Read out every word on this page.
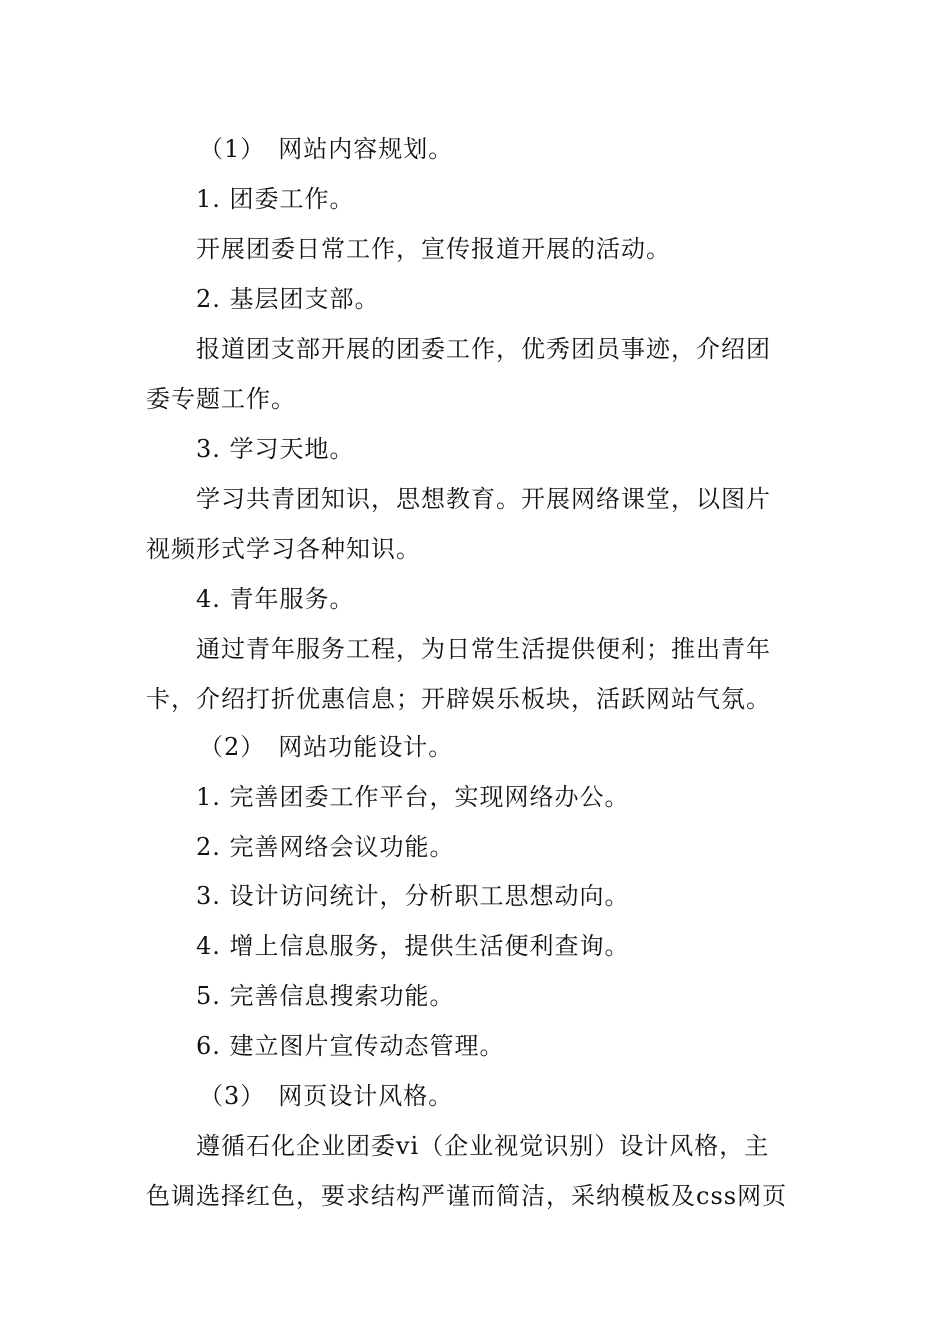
（1）　网站内容规划。
1. 团委工作。
开展团委日常工作，宣传报道开展的活动。
2. 基层团支部。
报道团支部开展的团委工作，优秀团员事迹，介绍团
委专题工作。
3. 学习天地。
学习共青团知识，思想教育。开展网络课堂，以图片
视频形式学习各种知识。
4. 青年服务。
通过青年服务工程，为日常生活提供便利；推出青年
卡，介绍打折优惠信息；开辟娱乐板块，活跃网站气氛。
（2）　网站功能设计。
1. 完善团委工作平台，实现网络办公。
2. 完善网络会议功能。
3. 设计访问统计，分析职工思想动向。
4. 增上信息服务，提供生活便利查询。
5. 完善信息搜索功能。
6. 建立图片宣传动态管理。
（3）　网页设计风格。
遵循石化企业团委vi（企业视觉识别）设计风格，主
色调选择红色，要求结构严谨而简洁，采纳模板及css网页
